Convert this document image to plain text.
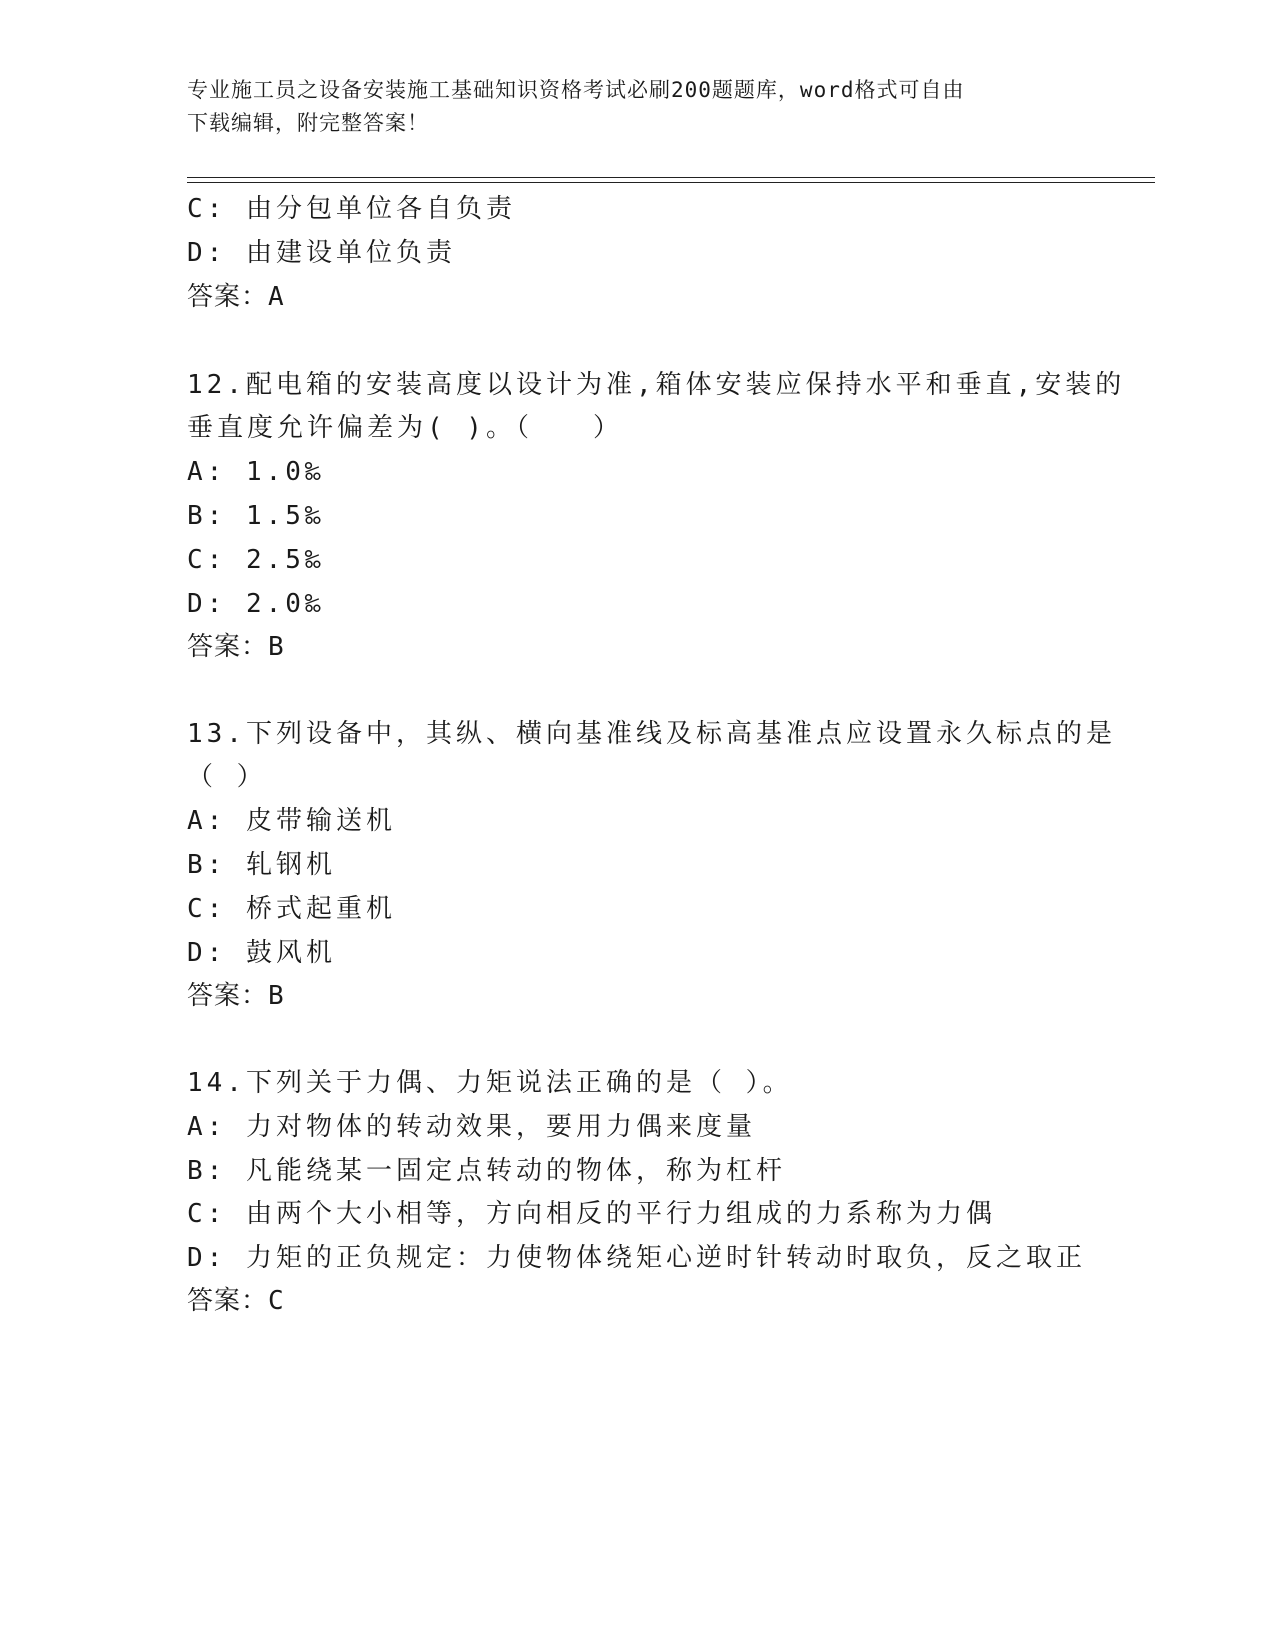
专业施工员之设备安装施工基础知识资格考试必刷200题题库，word格式可自由
下载编辑，附完整答案！
C: 由分包单位各自负责
D: 由建设单位负责
答案：A
12.配电箱的安装高度以设计为准,箱体安装应保持水平和垂直,安装的
垂直度允许偏差为( )。（　　）
A: 1.0‰
B: 1.5‰
C: 2.5‰
D: 2.0‰
答案：B
13.下列设备中，其纵、横向基准线及标高基准点应设置永久标点的是
（ ）
A: 皮带输送机
B: 轧钢机
C: 桥式起重机
D: 鼓风机
答案：B
14.下列关于力偶、力矩说法正确的是（ ）。
A: 力对物体的转动效果，要用力偶来度量
B: 凡能绕某一固定点转动的物体，称为杠杆
C: 由两个大小相等，方向相反的平行力组成的力系称为力偶
D: 力矩的正负规定：力使物体绕矩心逆时针转动时取负，反之取正
答案：C
